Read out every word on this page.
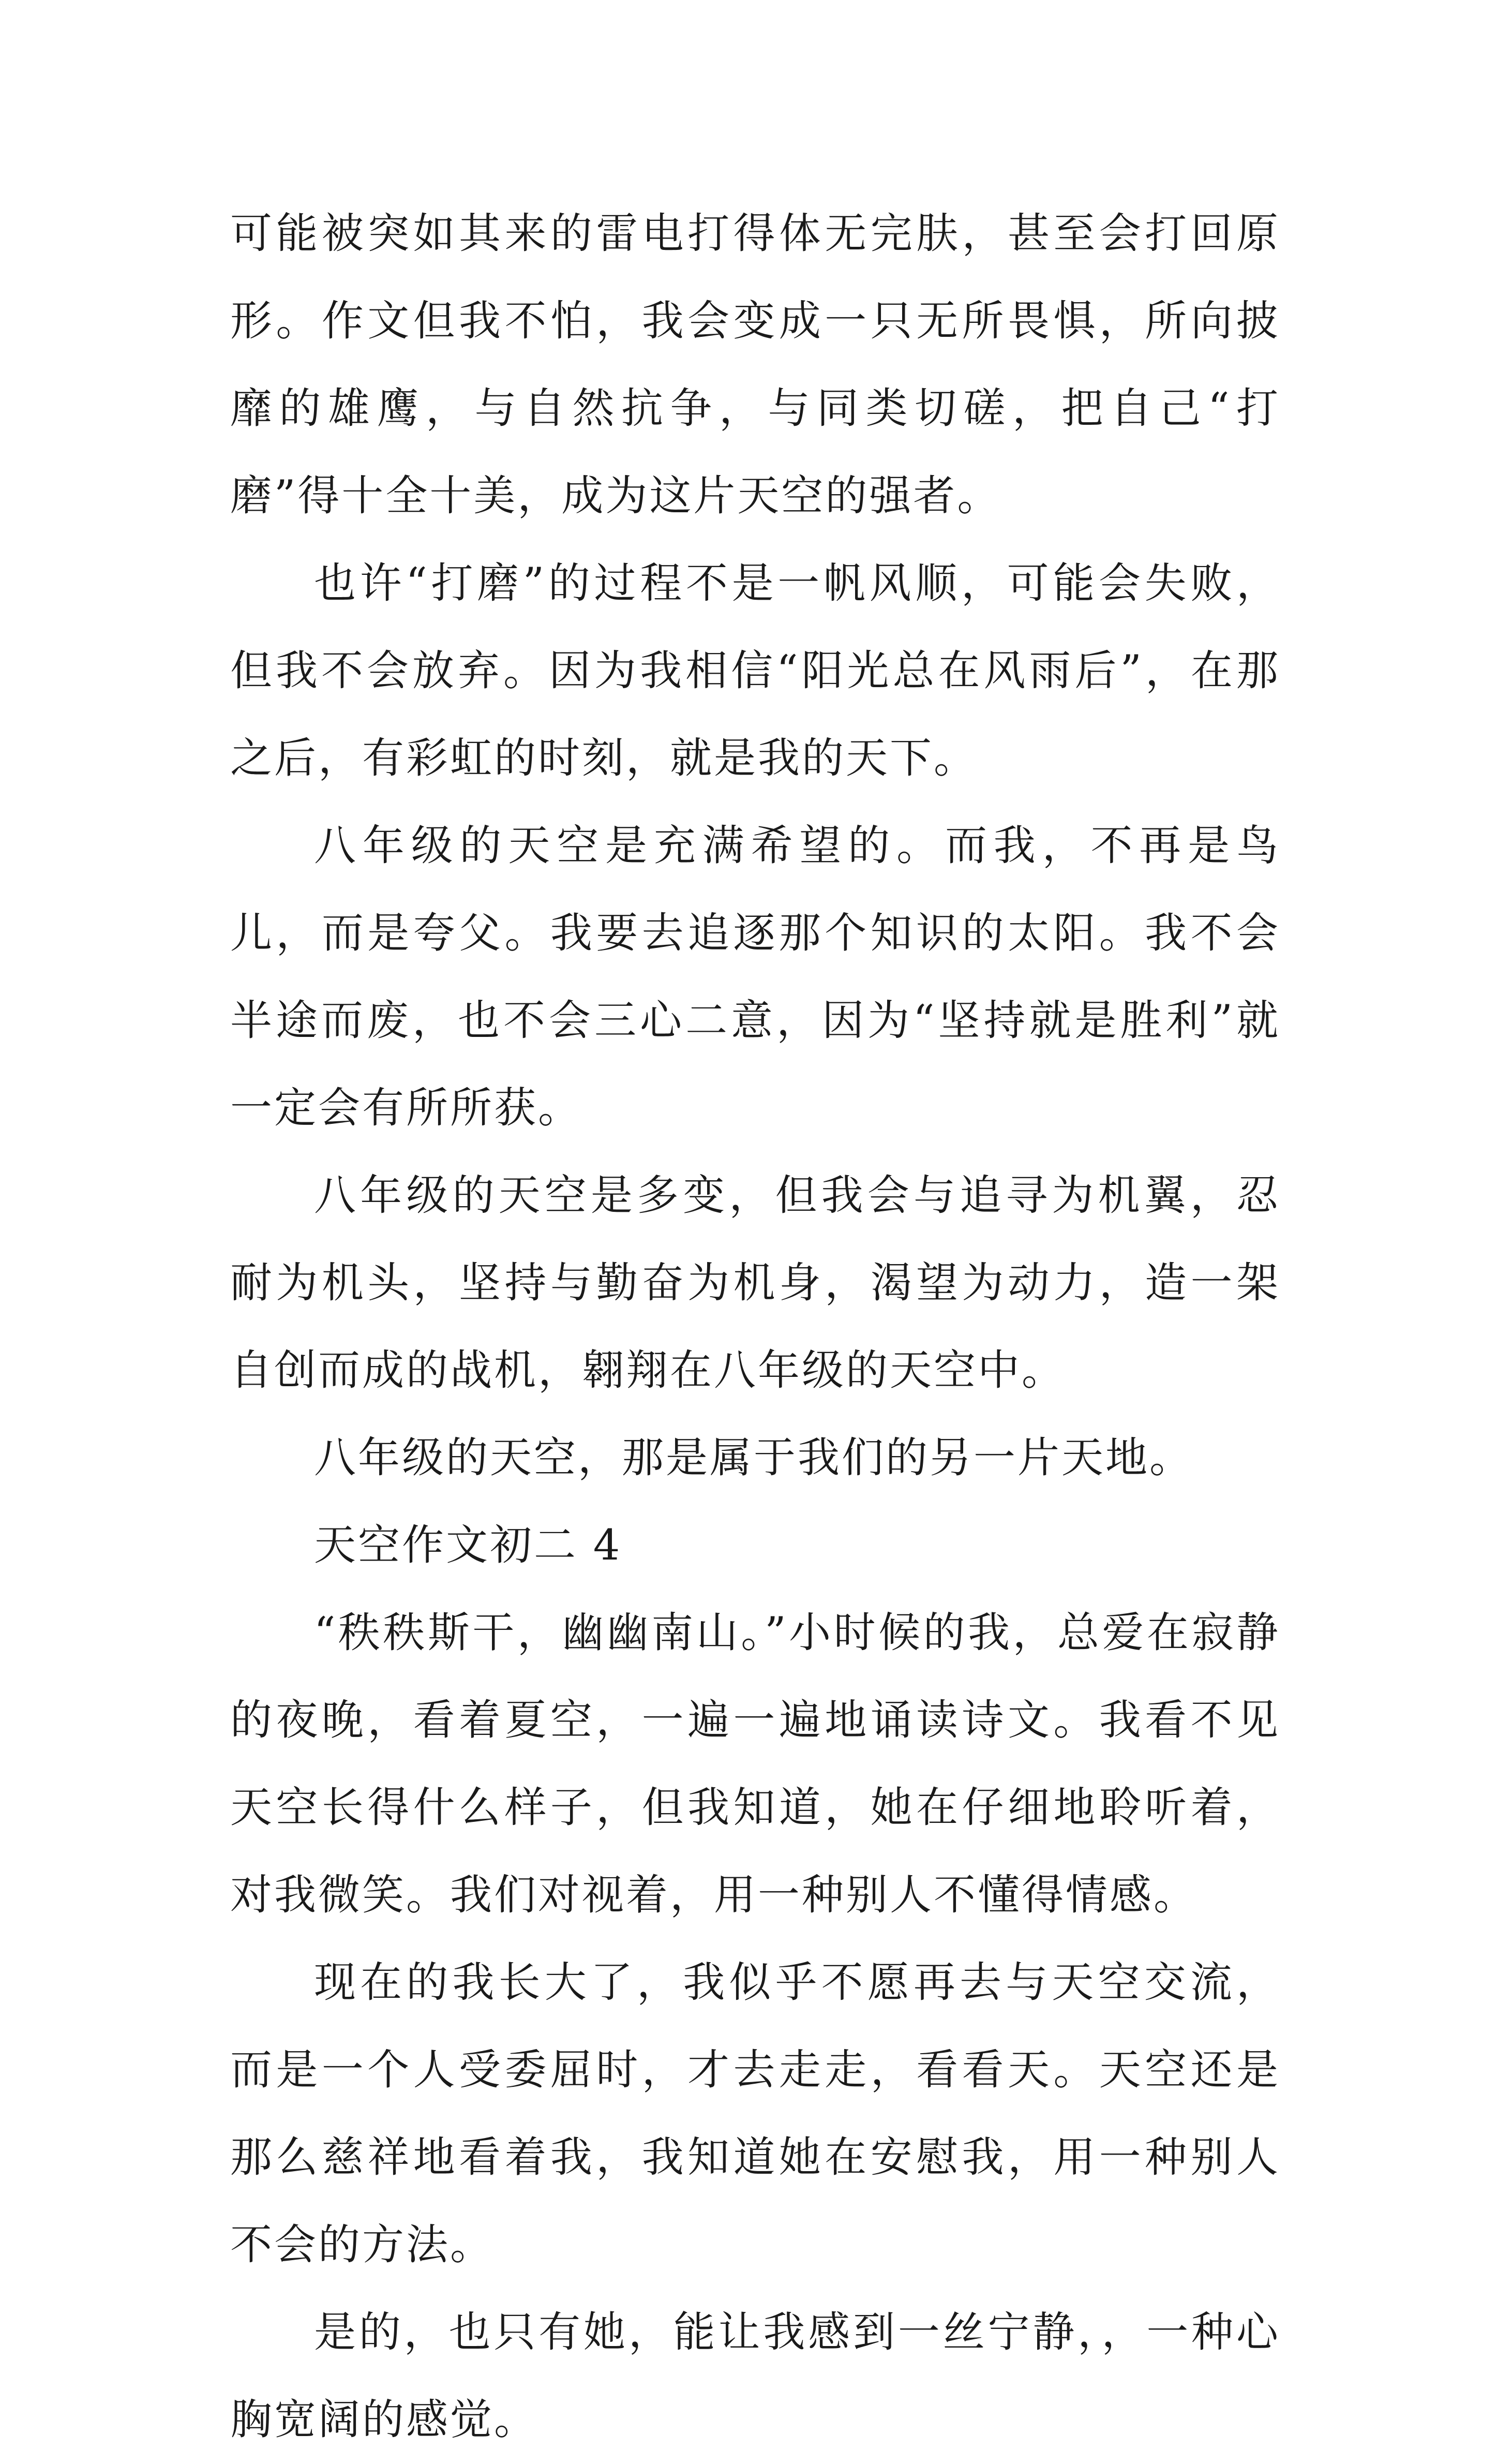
可能被突如其来的雷电打得体无完肤，甚至会打回原形。作文但我不怕，我会变成一只无所畏惧，所向披靡的雄鹰，与自然抗争，与同类切磋，把自己“打磨”得十全十美，成为这片天空的强者。

也许“打磨”的过程不是一帆风顺，可能会失败，但我不会放弃。因为我相信“阳光总在风雨后”，在那之后，有彩虹的时刻，就是我的天下。

八年级的天空是充满希望的。而我，不再是鸟儿，而是夸父。我要去追逐那个知识的太阳。我不会半途而废，也不会三心二意，因为“坚持就是胜利”就一定会有所所获。

八年级的天空是多变，但我会与追寻为机翼，忍耐为机头，坚持与勤奋为机身，渴望为动力，造一架自创而成的战机，翱翔在八年级的天空中。

八年级的天空，那是属于我们的另一片天地。

天空作文初二 4

“秩秩斯干，幽幽南山。”小时候的我，总爱在寂静的夜晚，看着夏空，一遍一遍地诵读诗文。我看不见天空长得什么样子，但我知道，她在仔细地聆听着，对我微笑。我们对视着，用一种别人不懂得情感。

现在的我长大了，我似乎不愿再去与天空交流，而是一个人受委屈时，才去走走，看看天。天空还是那么慈祥地看着我，我知道她在安慰我，用一种别人不会的方法。

是的，也只有她，能让我感到一丝宁静，，一种心胸宽阔的感觉。
